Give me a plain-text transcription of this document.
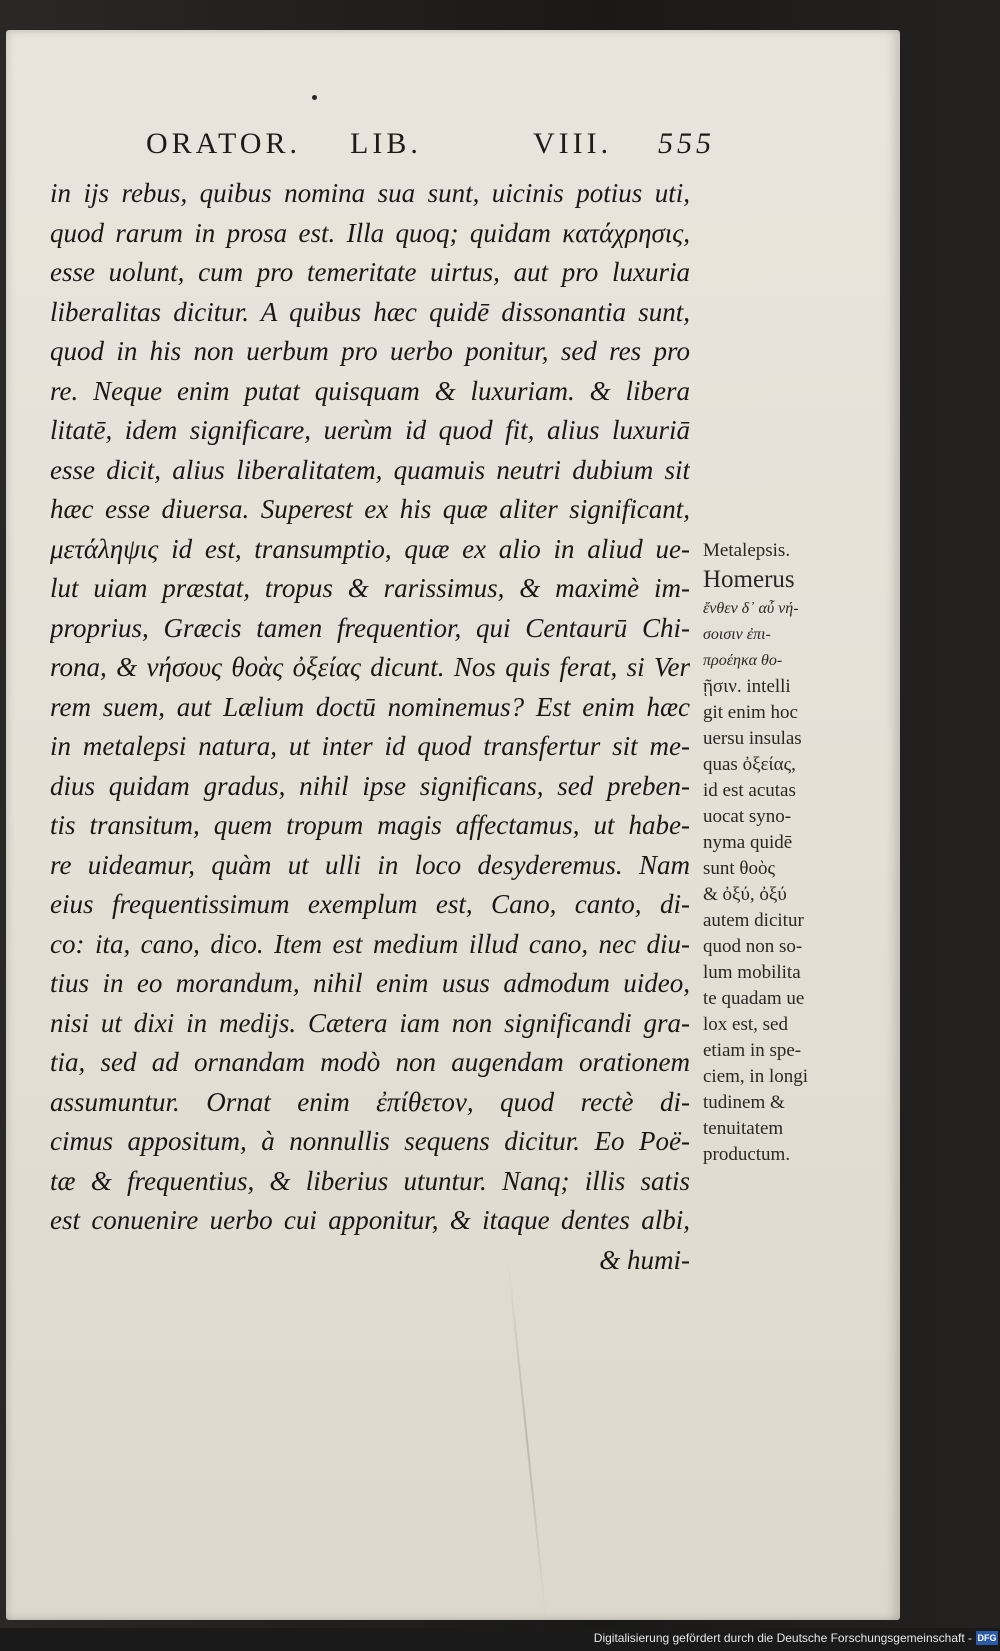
ORATOR. LIB.	VIII. 555
in ijs rebus, quibus nomina sua sunt, uicinis potius uti,
quod rarum in prosa est. Illa quoq; quidam κατάχρησις,
esse uolunt, cum pro temeritate uirtus, aut pro luxuria
liberalitas dicitur. A quibus hæc quidē dissonantia sunt,
quod in his non uerbum pro uerbo ponitur, sed res pro
re. Neque enim putat quisquam & luxuriam. & libera
litatē, idem significare, uerùm id quod fit, alius luxuriā
esse dicit, alius liberalitatem, quamuis neutri dubium sit
hæc esse diuersa. Superest ex his quæ aliter significant,
μετάληψις id est, transumptio, quæ ex alio in aliud ue-
lut uiam præstat, tropus & rarissimus, & maximè im-
proprius, Græcis tamen frequentior, qui Centaurū Chi-
rona, & νήσους θοὰς ὀξείας dicunt. Nos quis ferat, si Ver
rem suem, aut Lælium doctū nominemus? Est enim hæc
in metalepsi natura, ut inter id quod transfertur sit me-
dius quidam gradus, nihil ipse significans, sed preben-
tis transitum, quem tropum magis affectamus, ut habe-
re uideamur, quàm ut ulli in loco desyderemus. Nam
eius frequentissimum exemplum est, Cano, canto, di-
co: ita, cano, dico. Item est medium illud cano, nec diu-
tius in eo morandum, nihil enim usus admodum uideo,
nisi ut dixi in medijs. Cætera iam non significandi gra-
tia, sed ad ornandam modò non augendam orationem
assumuntur. Ornat enim ἐπίθετον, quod rectè di-
cimus appositum, à nonnullis sequens dicitur. Eo Poë-
tæ & frequentius, & liberius utuntur. Nanq; illis satis
est conuenire uerbo cui apponitur, & itaque dentes albi,
& humi-
Metalepsis.
Homerus
ἔνθεν δ᾽ αὖ νή-
σοισιν ἐπι-
προέηκα θο-
ῇσιν. intelli
git enim hoc
uersu insulas
quas ὀξείας,
id est acutas
uocat syno-
nyma quidē
sunt θοὸς
& ὀξύ, ὀξύ
autem dicitur
quod non so-
lum mobilita
te quadam ue
lox est, sed
etiam in spe-
ciem, in longi
tudinem &
tenuitatem
productum.
Digitalisierung gefördert durch die Deutsche Forschungsgemeinschaft - DFG
